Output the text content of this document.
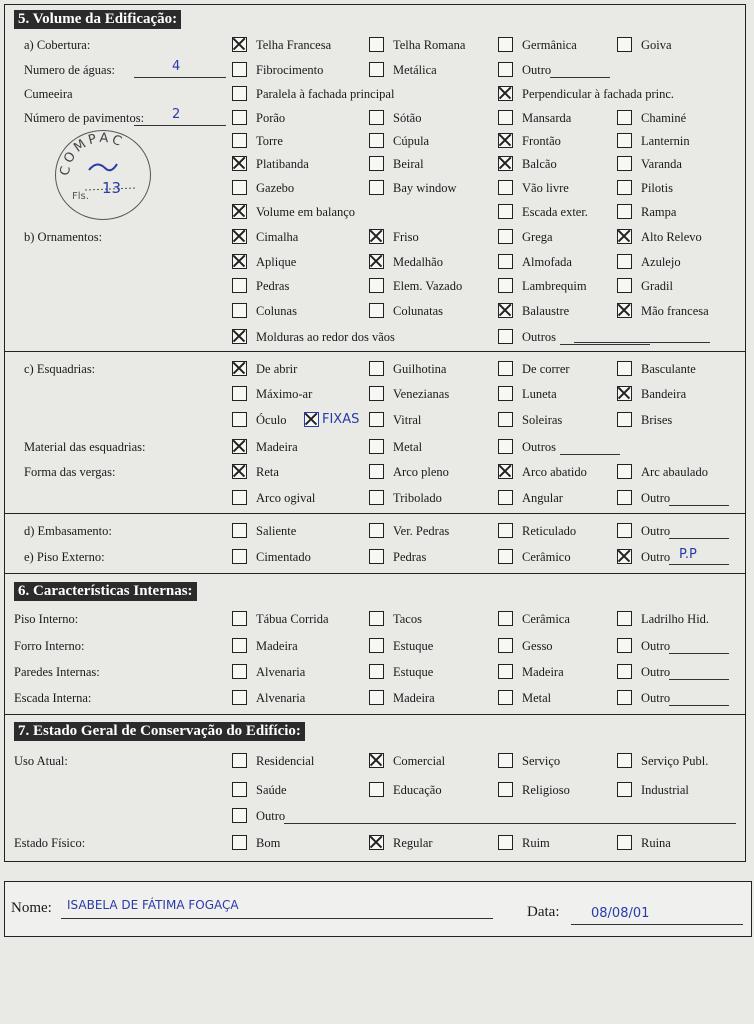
5. Volume da Edificação:
6. Características Internas:
7. Estado Geral de Conservação do Edifício:
COMPAC
Fls. 13
Nome: ISABELA DE FÁTIMA FOGAÇA	Data: 08/08/01
a) Cobertura:	Telha Francesa	Telha Romana	Germânica	Goiva
Numero de águas:	4	Fibrocimento	Metálica	Outro
Cumeeira	Paralela à fachada principal	Perpendicular à fachada princ.
Número de pavimentos: 2	Porão	Sótão	Mansarda	Chaminé
Torre	Cúpula	Frontão	Lanternin
Platibanda	Beiral	Balcão	Varanda
Gazebo	Bay window	Vão livre	Pilotis
Volume em balanço	Escada exter.	Rampa
b) Ornamentos:	Cimalha	Friso	Grega	Alto Relevo
Aplique	Medalhão	Almofada	Azulejo
Pedras	Elem. Vazado	Lambrequim	Gradil
Colunas	Colunatas	Balaustre	Mão francesa
Molduras ao redor dos vãos	Outros
c) Esquadrias:	De abrir	Guilhotina	De correr	Basculante
Máximo-ar	Venezianas	Luneta	Bandeira
Óculo	FIXAS	Vitral	Soleiras	Brises
Material das esquadrias:	Madeira	Metal	Outros
Forma das vergas:	Reta	Arco pleno	Arco abatido	Arc abaulado
Arco ogival	Tribolado	Angular	Outro
d) Embasamento:	Saliente	Ver. Pedras	Reticulado	Outro
e) Piso Externo:	Cimentado	Pedras	Cerâmico	Outro P.P
Piso Interno:	Tábua Corrida	Tacos	Cerâmica	Ladrilho Hid.
Forro Interno:	Madeira	Estuque	Gesso	Outro
Paredes Internas:	Alvenaria	Estuque	Madeira	Outro
Escada Interna:	Alvenaria	Madeira	Metal	Outro
Uso Atual:	Residencial	Comercial	Serviço	Serviço Publ.
Saúde	Educação	Religioso	Industrial
Outro
Estado Físico:	Bom	Regular	Ruim	Ruina
